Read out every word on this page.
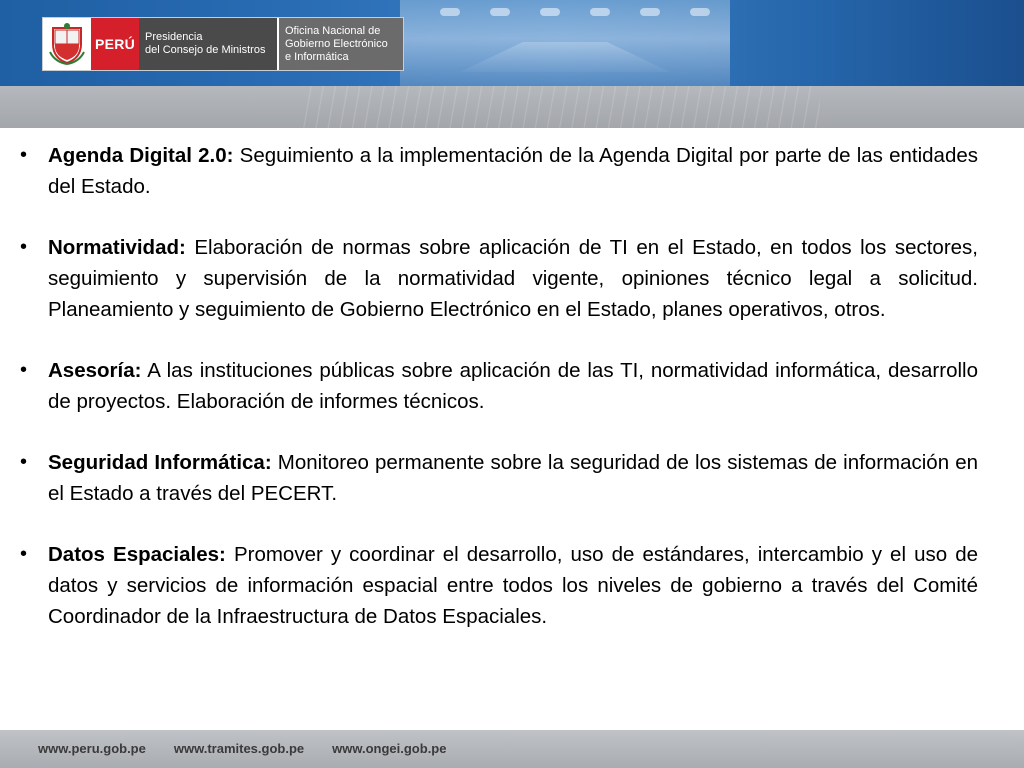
PERÚ Presidencia
del Consejo de Ministros
Oficina Nacional de
Gobierno Electrónico
e Informática
•	Agenda Digital 2.0: Seguimiento a la implementación de la Agenda Digital por parte de las entidades del Estado.
•	Normatividad: Elaboración de normas sobre aplicación de TI en el Estado, en todos los sectores, seguimiento y supervisión de la normatividad vigente, opiniones técnico legal a solicitud. Planeamiento y seguimiento de Gobierno Electrónico en el Estado, planes operativos, otros.
•	Asesoría: A las instituciones públicas sobre aplicación de las TI, normatividad informática, desarrollo de proyectos. Elaboración de informes técnicos.
•	Seguridad Informática: Monitoreo permanente sobre la seguridad de los sistemas de información en el Estado a través del PECERT.
•	Datos Espaciales: Promover y coordinar el desarrollo, uso de estándares, intercambio y el uso de datos y servicios de información espacial entre todos los niveles de gobierno a través del Comité Coordinador de la Infraestructura de Datos Espaciales.
www.peru.gob.pe www.tramites.gob.pe www.ongei.gob.pe
